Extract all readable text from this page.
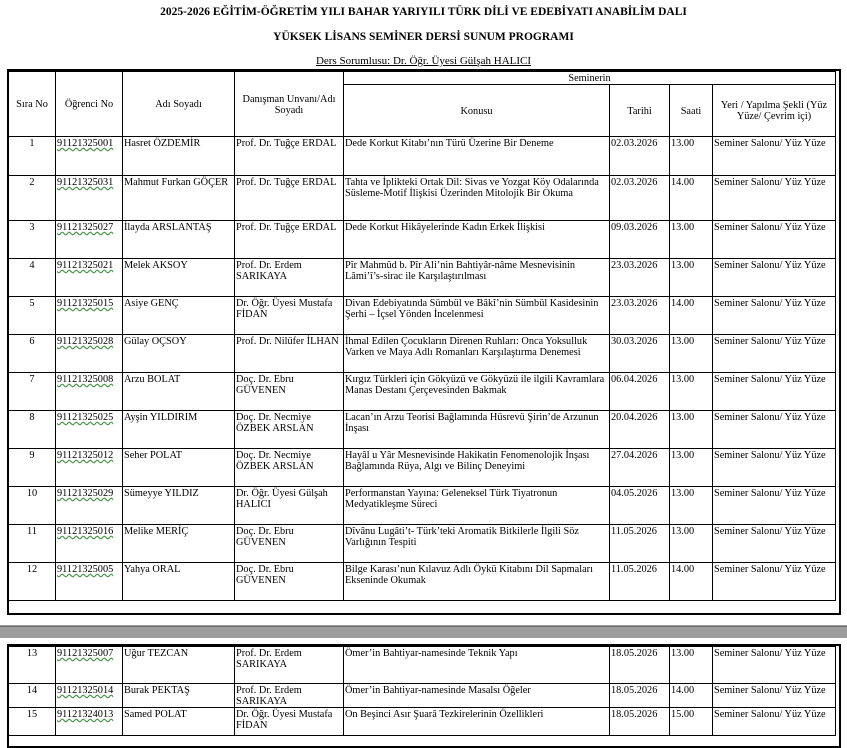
2025-2026 EĞİTİM-ÖĞRETİM YILI BAHAR YARIYILI TÜRK DİLİ VE EDEBİYATI ANABİLİM DALI
YÜKSEK LİSANS SEMİNER DERSİ SUNUM PROGRAMI
Ders Sorumlusu: Dr. Öğr. Üyesi Gülşah HALICI
Sıra No	Öğrenci No	Adı Soyadı	Danışman Unvanı/Adı Soyadı	Seminerin			
				Konusu	Tarihi	Saati	Yeri / Yapılma Şekli (Yüz Yüze/ Çevrim içi)
1	91121325001	Hasret ÖZDEMİR	Prof. Dr. Tuğçe ERDAL	Dede Korkut Kitabı’nın Türü Üzerine Bir Deneme	02.03.2026	13.00	Seminer Salonu/ Yüz Yüze
2	91121325031	Mahmut Furkan GÖÇER	Prof. Dr. Tuğçe ERDAL	Tahta ve İplikteki Ortak Dil: Sivas ve Yozgat Köy Odalarında Süsleme-Motif İlişkisi Üzerinden Mitolojik Bir Okuma	02.03.2026	14.00	Seminer Salonu/ Yüz Yüze
3	91121325027	İlayda ARSLANTAŞ	Prof. Dr. Tuğçe ERDAL	Dede Korkut Hikâyelerinde Kadın Erkek İlişkisi	09.03.2026	13.00	Seminer Salonu/ Yüz Yüze
4	91121325021	Melek AKSOY	Prof. Dr. Erdem SARIKAYA	Pîr Mahmûd b. Pîr Ali’nin Bahtiyâr-nâme Mesnevisinin Lâmi’î’s-sirac ile Karşılaştırılması	23.03.2026	13.00	Seminer Salonu/ Yüz Yüze
5	91121325015	Asiye GENÇ	Dr. Öğr. Üyesi Mustafa FİDAN	Divan Edebiyatında Sümbül ve Bâkî’nin Sümbül Kasidesinin Şerhi – İçsel Yönden İncelenmesi	23.03.2026	14.00	Seminer Salonu/ Yüz Yüze
6	91121325028	Gülay OÇSOY	Prof. Dr. Nilüfer İLHAN	İhmal Edilen Çocukların Direnen Ruhları: Onca Yoksulluk Varken ve Maya Adlı Romanları Karşılaştırma Denemesi	30.03.2026	13.00	Seminer Salonu/ Yüz Yüze
7	91121325008	Arzu BOLAT	Doç. Dr. Ebru GÜVENEN	Kırgız Türkleri için Gökyüzü ve Gökyüzü ile ilgili Kavramlara Manas Destanı Çerçevesinden Bakmak	06.04.2026	13.00	Seminer Salonu/ Yüz Yüze
8	91121325025	Ayşin YILDIRIM	Doç. Dr. Necmiye ÖZBEK ARSLAN	Lacan’ın Arzu Teorisi Bağlamında Hüsrevü Şirin’de Arzunun İnşası	20.04.2026	13.00	Seminer Salonu/ Yüz Yüze
9	91121325012	Seher POLAT	Doç. Dr. Necmiye ÖZBEK ARSLAN	Hayâl u Yâr Mesnevisinde Hakikatin Fenomenolojik İnşası Bağlamında Rüya, Algı ve Bilinç Deneyimi	27.04.2026	13.00	Seminer Salonu/ Yüz Yüze
10	91121325029	Sümeyye YILDIZ	Dr. Öğr. Üyesi Gülşah HALICI	Performanstan Yayına: Geleneksel Türk Tiyatronun Medyatikleşme Süreci	04.05.2026	13.00	Seminer Salonu/ Yüz Yüze
11	91121325016	Melike MERİÇ	Doç. Dr. Ebru GÜVENEN	Dîvânu Lugâti’t- Türk’teki Aromatik Bitkilerle İlgili Söz Varlığının Tespiti	11.05.2026	13.00	Seminer Salonu/ Yüz Yüze
12	91121325005	Yahya ORAL	Doç. Dr. Ebru GÜVENEN	Bilge Karası’nun Kılavuz Adlı Öykü Kitabını Dil Sapmaları Ekseninde Okumak	11.05.2026	14.00	Seminer Salonu/ Yüz Yüze
13	91121325007	Uğur TEZCAN	Prof. Dr. Erdem SARIKAYA	Ömer’in Bahtiyar-namesinde Teknik Yapı	18.05.2026	13.00	Seminer Salonu/ Yüz Yüze
14	91121325014	Burak PEKTAŞ	Prof. Dr. Erdem SARIKAYA	Ömer’in Bahtiyar-namesinde Masalsı Öğeler	18.05.2026	14.00	Seminer Salonu/ Yüz Yüze
15	91121324013	Samed POLAT	Dr. Öğr. Üyesi Mustafa FİDAN	On Beşinci Asır Şuarâ Tezkirelerinin Özellikleri	18.05.2026	15.00	Seminer Salonu/ Yüz Yüze
